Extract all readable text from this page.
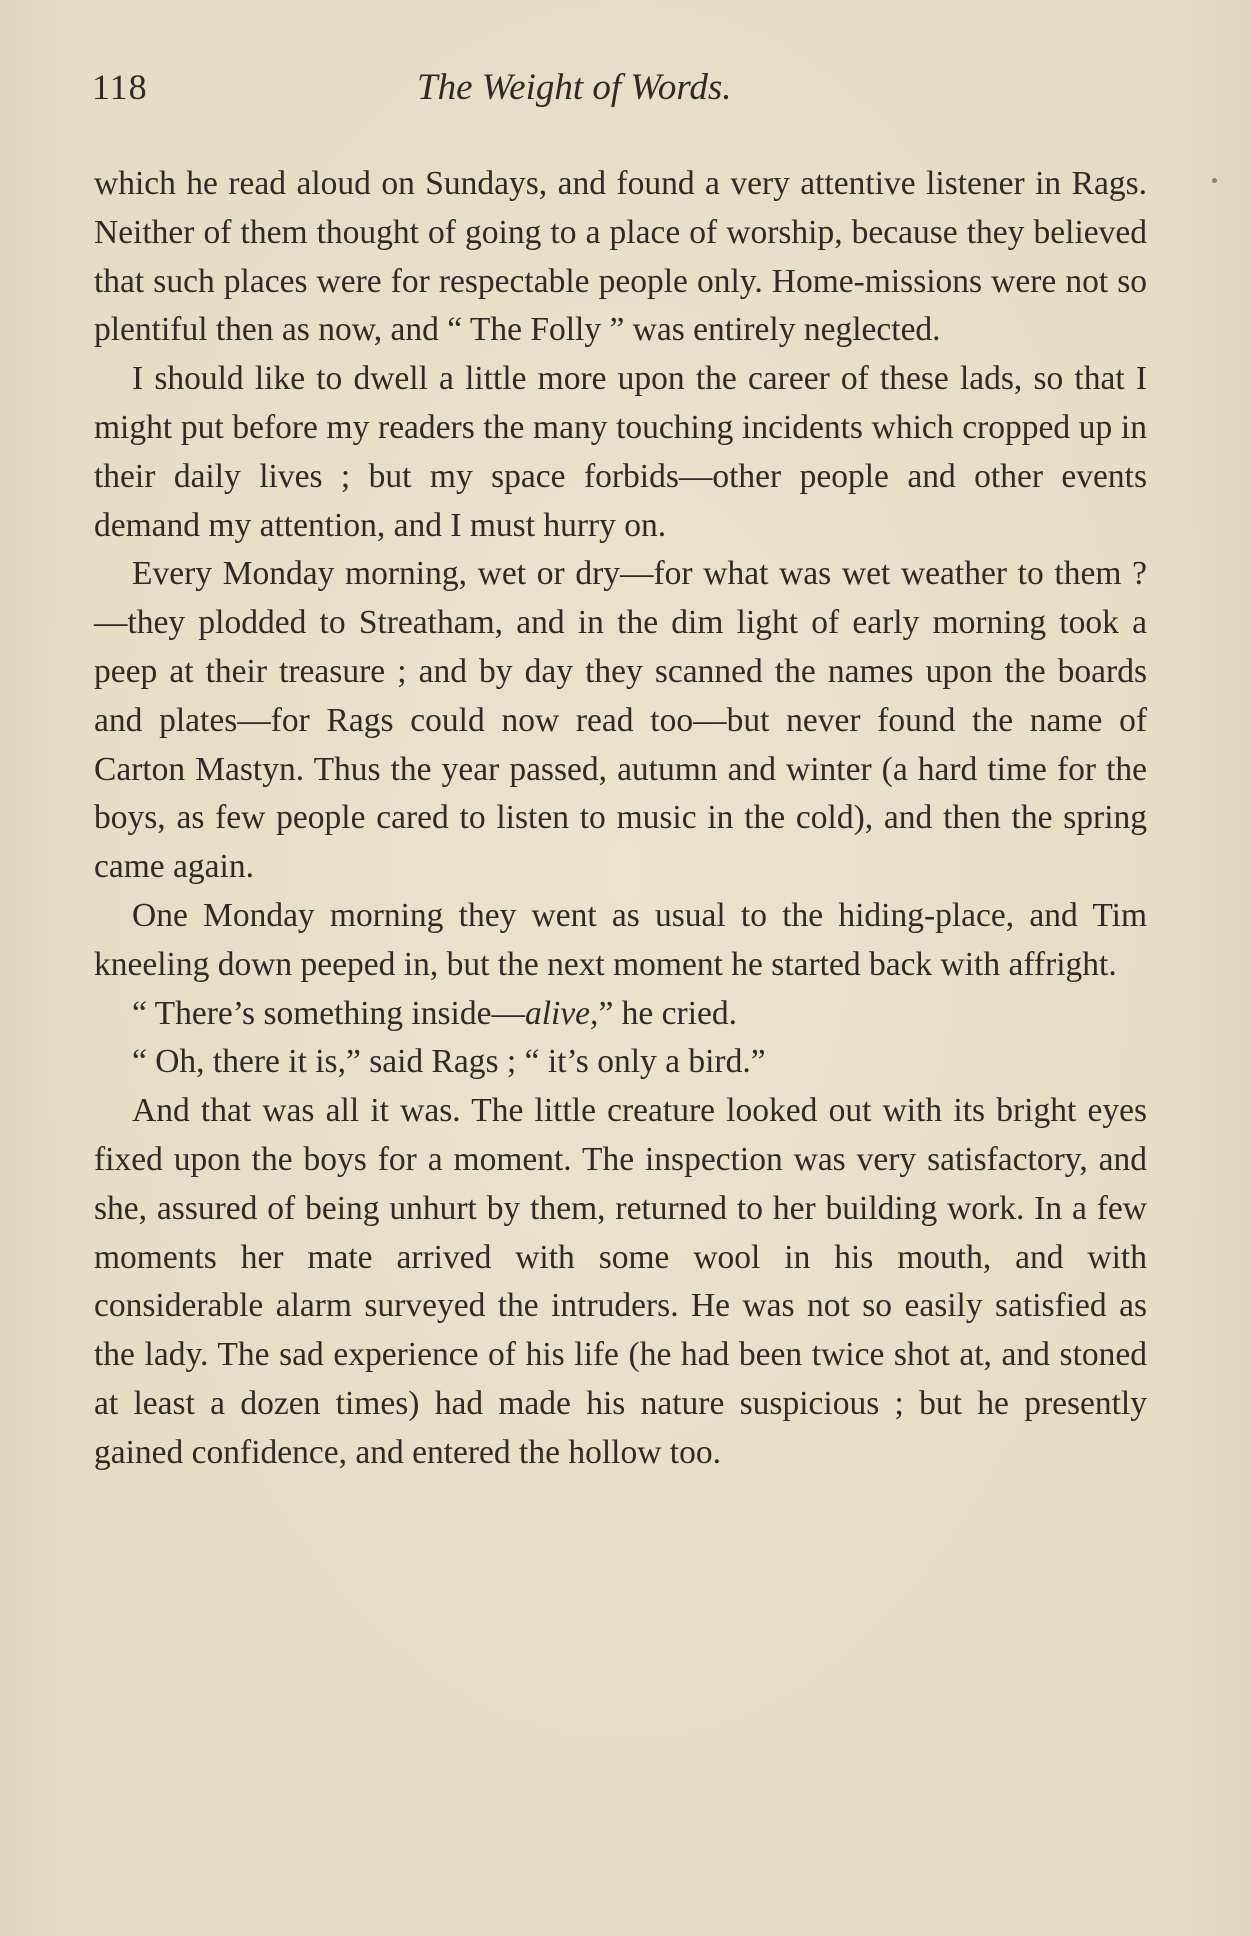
118	The Weight of Words.

which he read aloud on Sundays, and found a very attentive listener in Rags. Neither of them thought of going to a place of worship, because they believed that such places were for respectable people only. Home-missions were not so plentiful then as now, and “ The Folly ” was entirely neglected.

I should like to dwell a little more upon the career of these lads, so that I might put before my readers the many touching incidents which cropped up in their daily lives ; but my space forbids—other people and other events demand my attention, and I must hurry on.

Every Monday morning, wet or dry—for what was wet weather to them ?—they plodded to Streatham, and in the dim light of early morning took a peep at their treasure ; and by day they scanned the names upon the boards and plates—for Rags could now read too—but never found the name of Carton Mastyn. Thus the year passed, autumn and winter (a hard time for the boys, as few people cared to listen to music in the cold), and then the spring came again.

One Monday morning they went as usual to the hiding-place, and Tim kneeling down peeped in, but the next moment he started back with affright.

“ There’s something inside—alive,” he cried.

“ Oh, there it is,” said Rags ; “ it’s only a bird.”

And that was all it was. The little creature looked out with its bright eyes fixed upon the boys for a moment. The inspection was very satisfactory, and she, assured of being unhurt by them, returned to her building work. In a few moments her mate arrived with some wool in his mouth, and with considerable alarm surveyed the intruders. He was not so easily satisfied as the lady. The sad experience of his life (he had been twice shot at, and stoned at least a dozen times) had made his nature suspicious ; but he presently gained confidence, and entered the hollow too.
